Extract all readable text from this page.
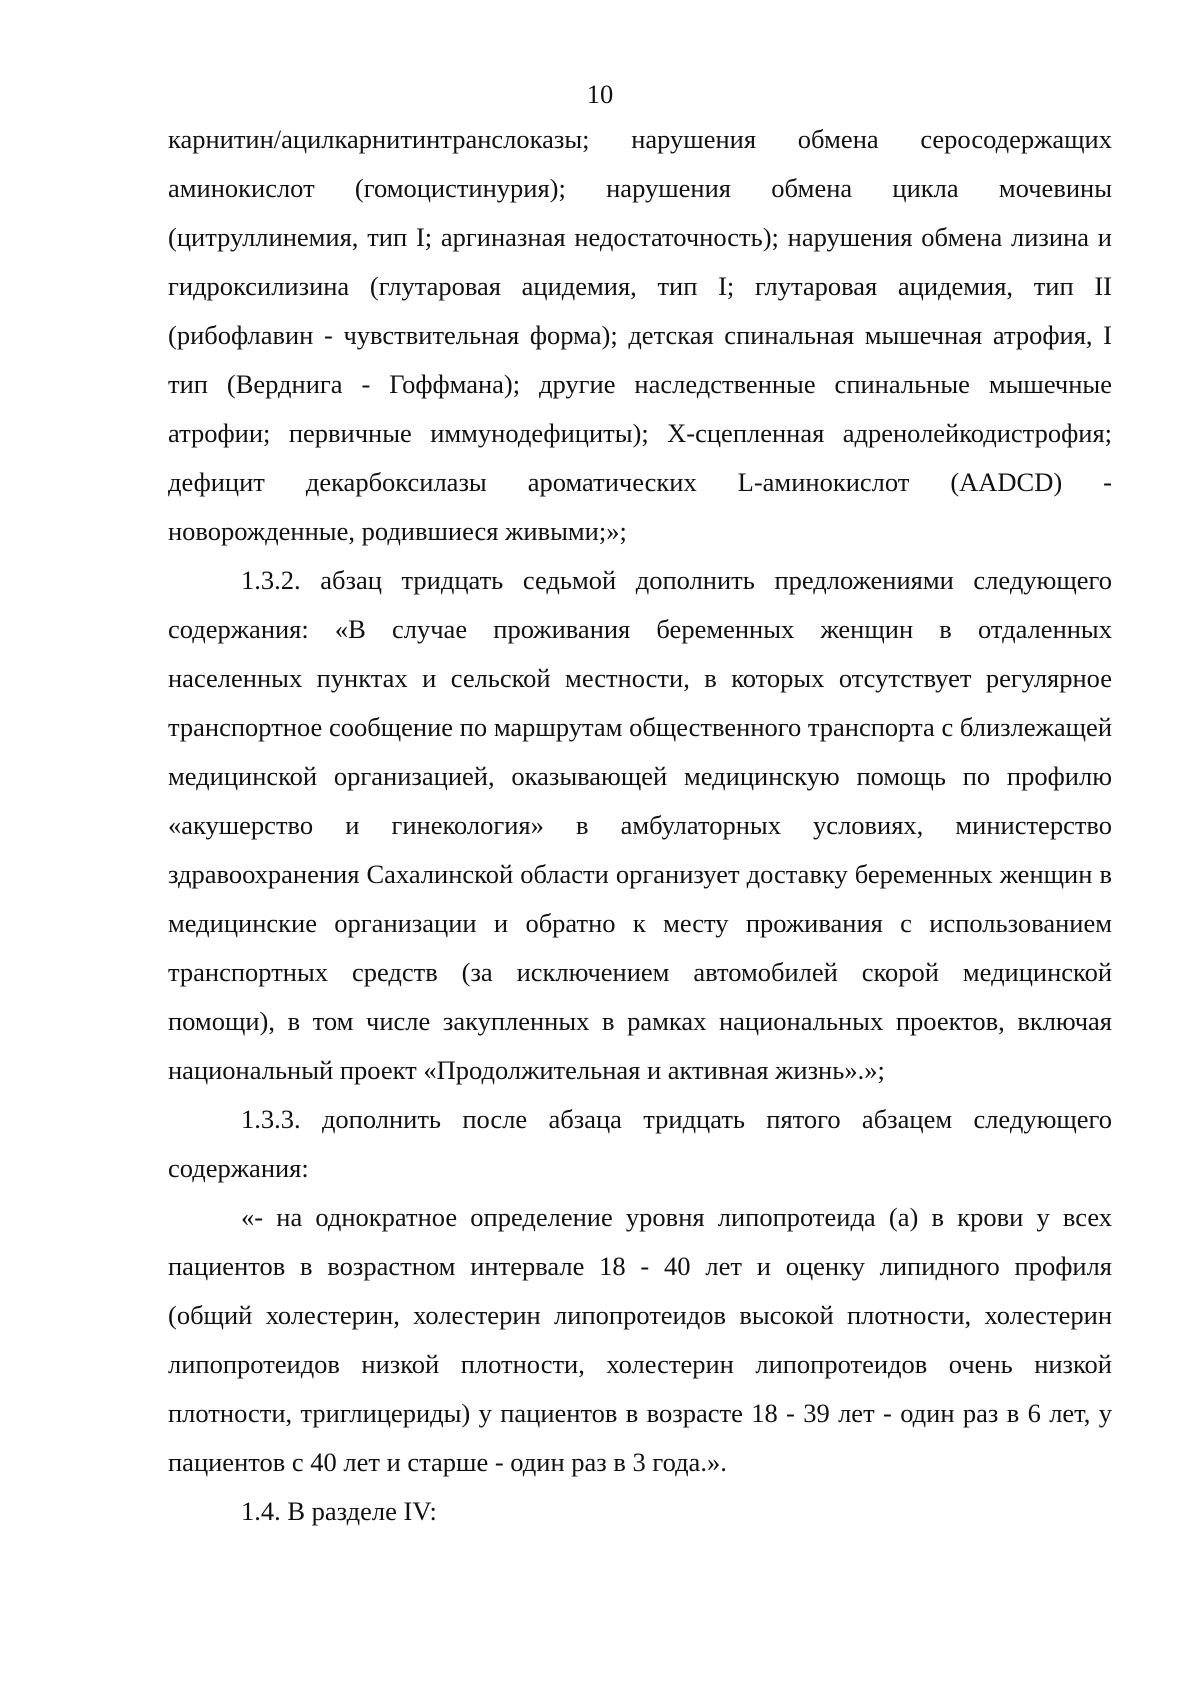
10

карнитин/ацилкарнитинтранслоказы; нарушения обмена серосодержащих аминокислот (гомоцистинурия); нарушения обмена цикла мочевины (цитруллинемия, тип I; аргиназная недостаточность); нарушения обмена лизина и гидроксилизина (глутаровая ацидемия, тип I; глутаровая ацидемия, тип II (рибофлавин - чувствительная форма); детская спинальная мышечная атрофия, I тип (Верднига - Гоффмана); другие наследственные спинальные мышечные атрофии; первичные иммунодефициты); Х-сцепленная адренолейкодистрофия; дефицит декарбоксилазы ароматических L-аминокислот (AADCD) - новорожденные, родившиеся живыми;»;

1.3.2. абзац тридцать седьмой дополнить предложениями следующего содержания: «В случае проживания беременных женщин в отдаленных населенных пунктах и сельской местности, в которых отсутствует регулярное транспортное сообщение по маршрутам общественного транспорта с близлежащей медицинской организацией, оказывающей медицинскую помощь по профилю «акушерство и гинекология» в амбулаторных условиях, министерство здравоохранения Сахалинской области организует доставку беременных женщин в медицинские организации и обратно к месту проживания с использованием транспортных средств (за исключением автомобилей скорой медицинской помощи), в том числе закупленных в рамках национальных проектов, включая национальный проект «Продолжительная и активная жизнь».»;

1.3.3. дополнить после абзаца тридцать пятого абзацем следующего содержания:

«- на однократное определение уровня липопротеида (а) в крови у всех пациентов в возрастном интервале 18 - 40 лет и оценку липидного профиля (общий холестерин, холестерин липопротеидов высокой плотности, холестерин липопротеидов низкой плотности, холестерин липопротеидов очень низкой плотности, триглицериды) у пациентов в возрасте 18 - 39 лет - один раз в 6 лет, у пациентов с 40 лет и старше - один раз в 3 года.».

1.4. В разделе IV:
